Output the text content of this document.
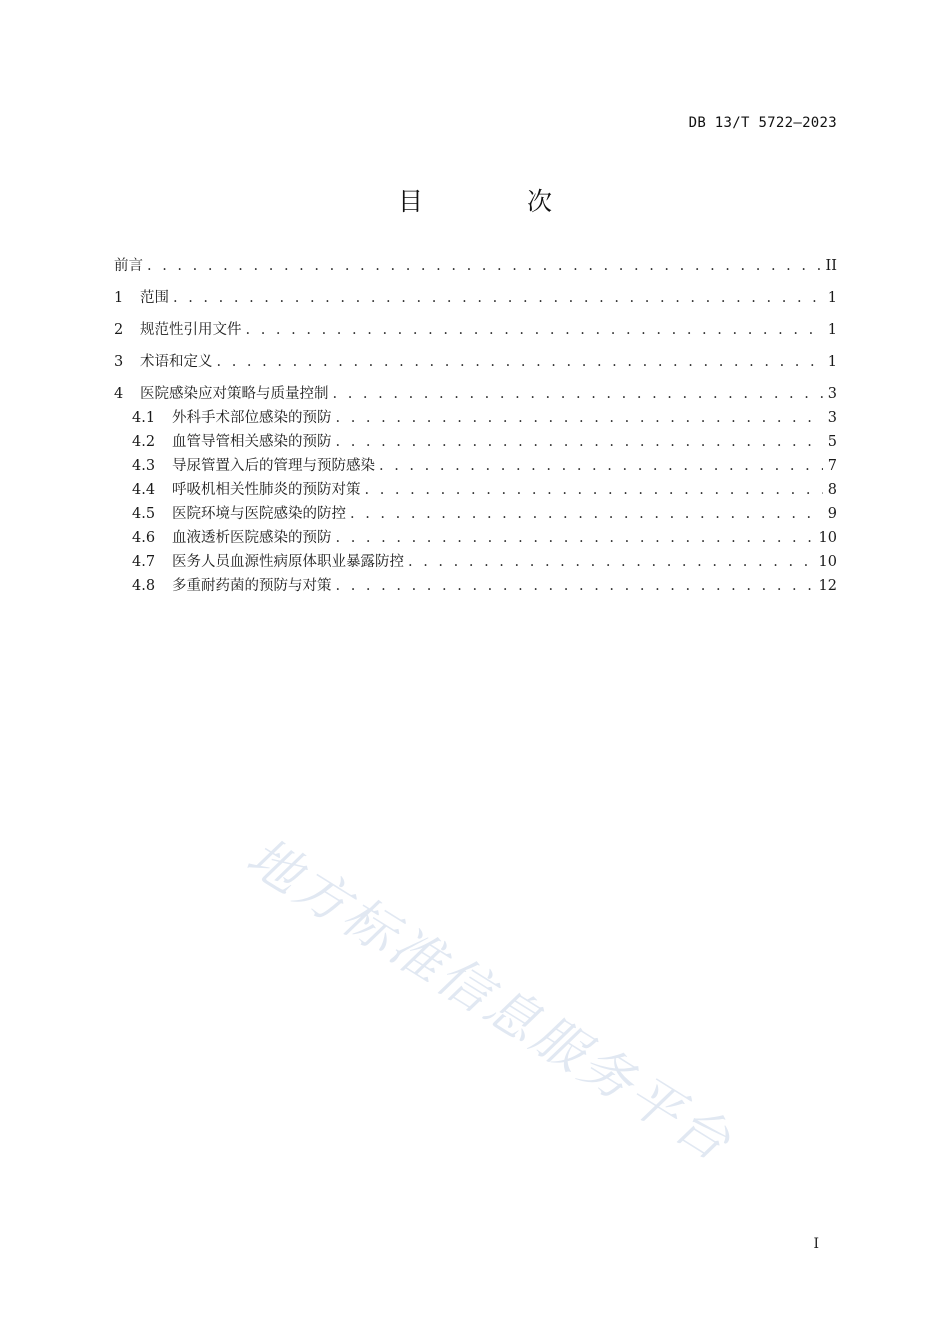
DB 13/T 5722—2023
目 次
前言 . . .	II
1	范围 . . .	1
2	规范性引用文件 . . .	1
3	术语和定义 . . .	1
4	医院感染应对策略与质量控制 . . .	3
4.1	外科手术部位感染的预防 . . .	3
4.2	血管导管相关感染的预防 . . .	5
4.3	导尿管置入后的管理与预防感染 . . .	7
4.4	呼吸机相关性肺炎的预防对策 . . .	8
4.5	医院环境与医院感染的防控 . . .	9
4.6	血液透析医院感染的预防 . . .	10
4.7	医务人员血源性病原体职业暴露防控 . . .	10
4.8	多重耐药菌的预防与对策 . . .	12
地方标准信息服务平台
I
